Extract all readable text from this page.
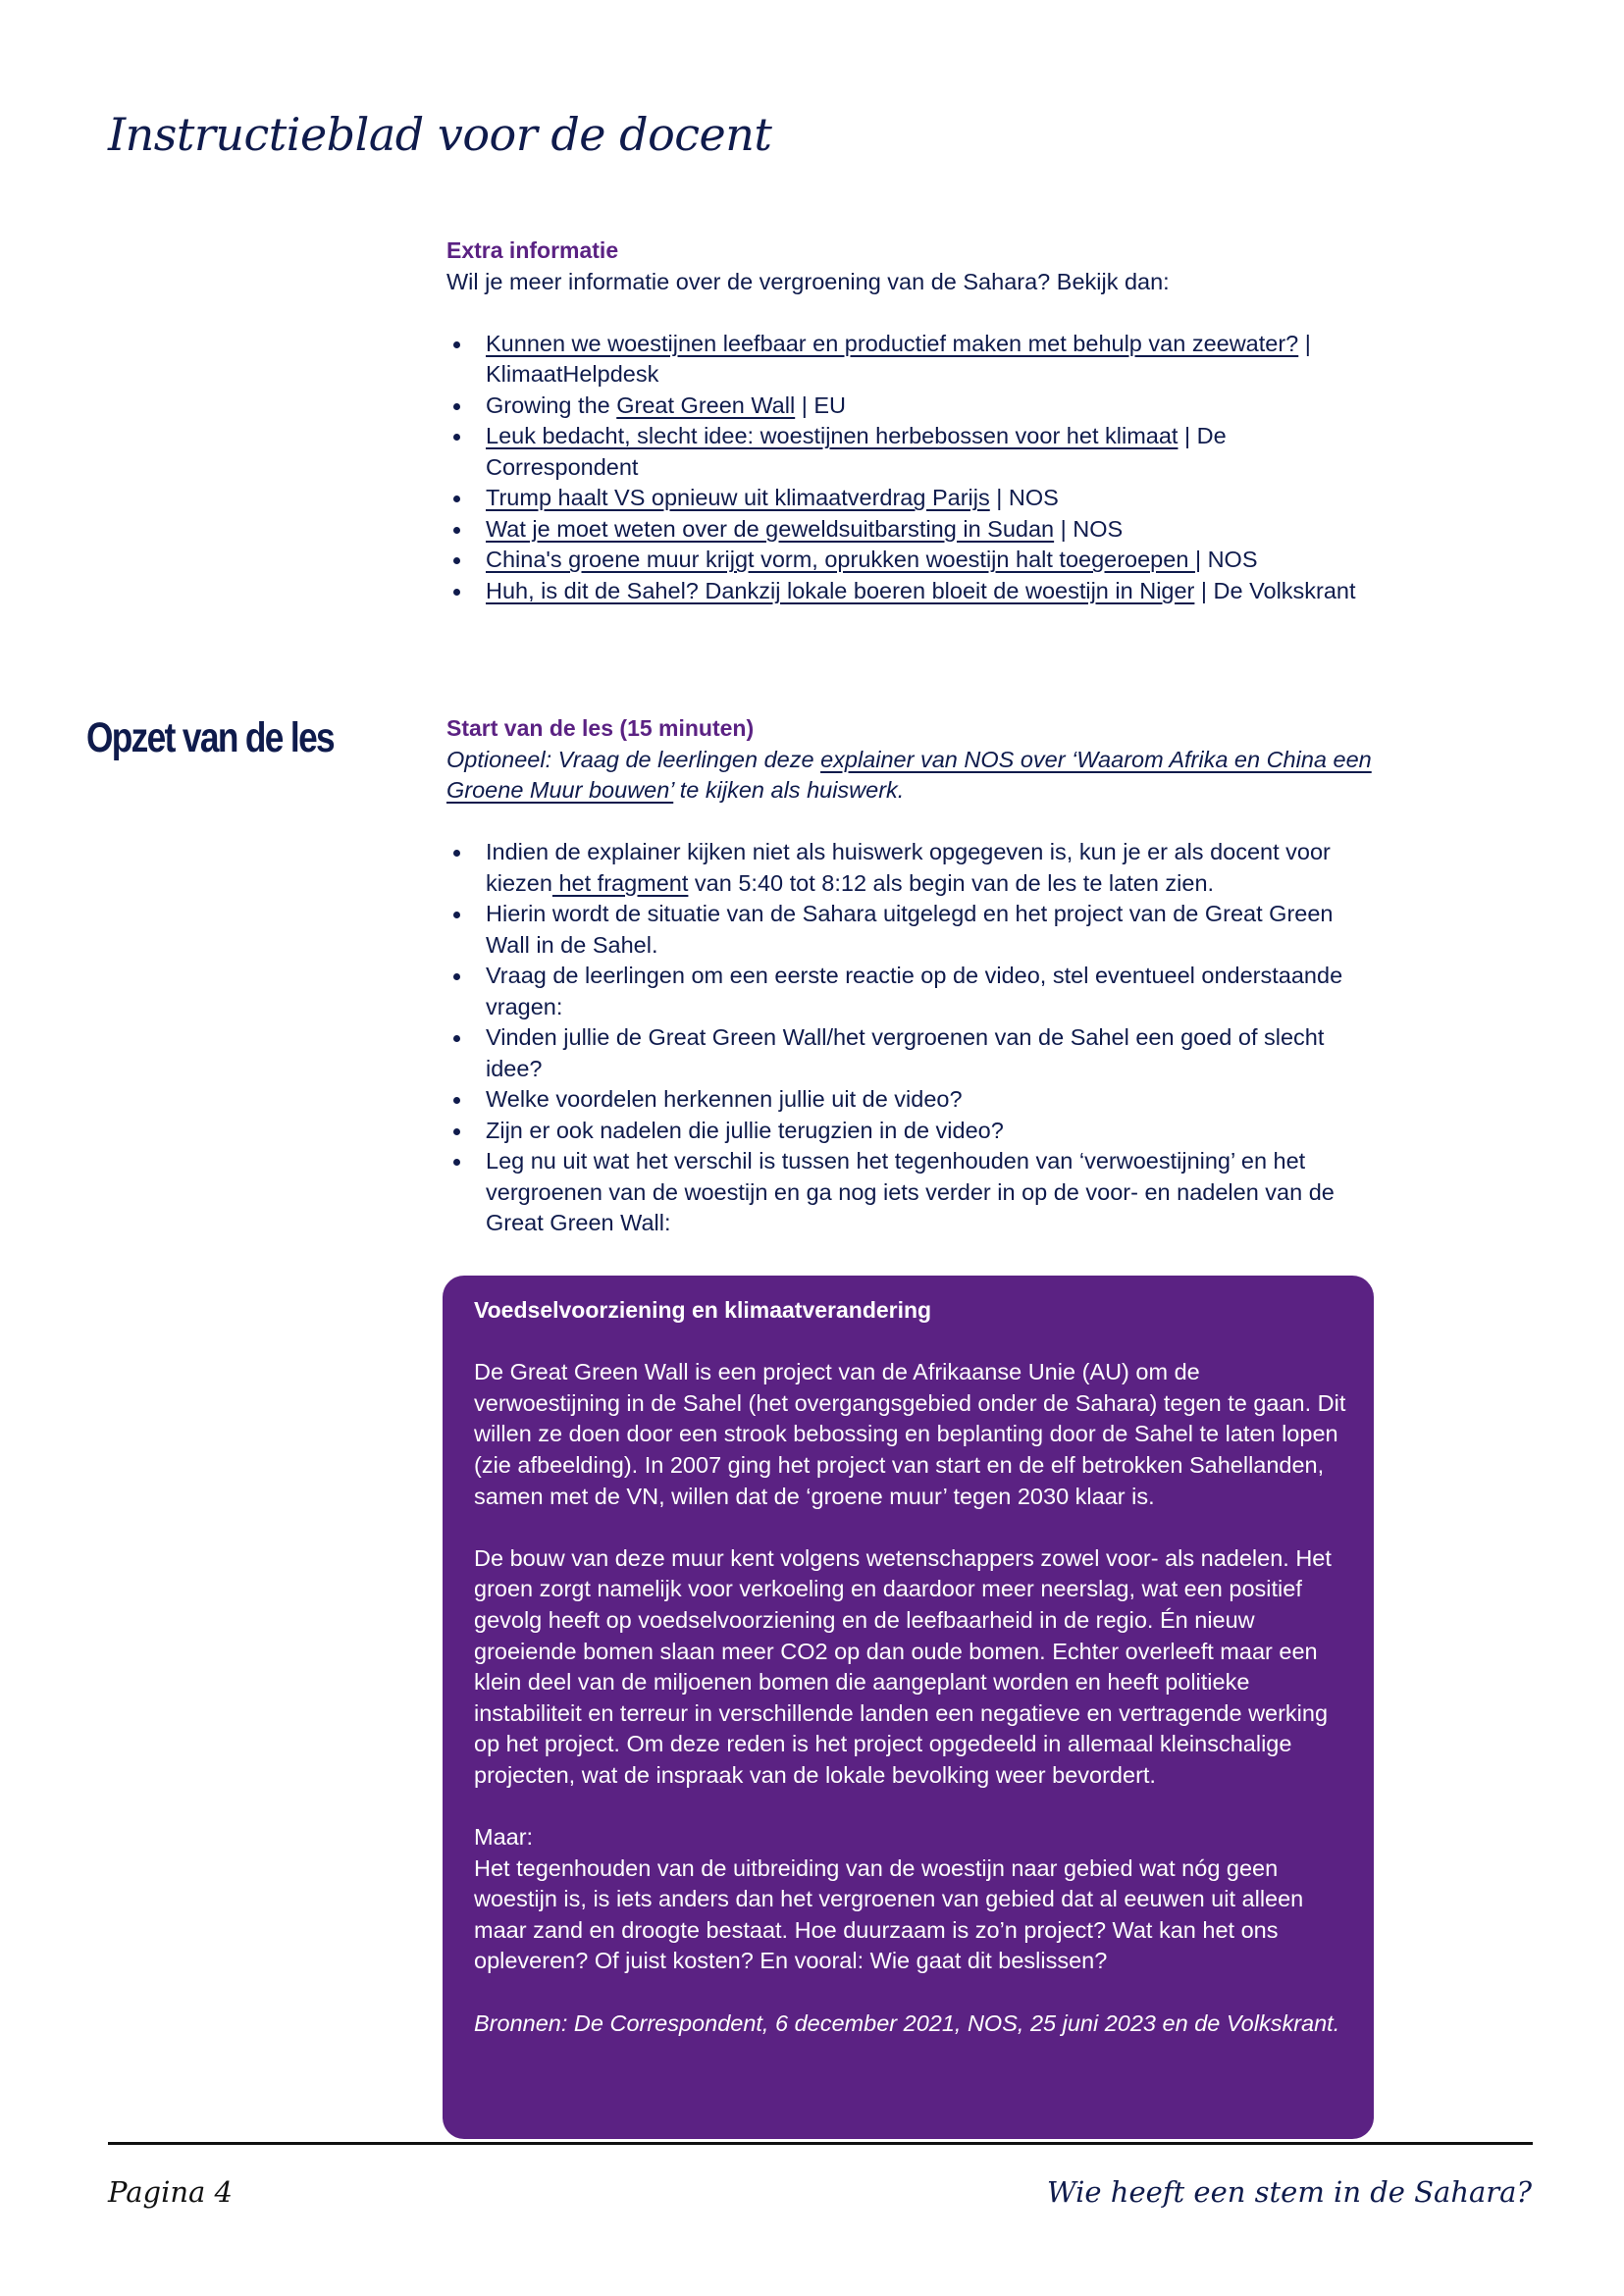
Instructieblad voor de docent
Extra informatie

Wil je meer informatie over de vergroening van de Sahara? Bekijk dan:

Kunnen we woestijnen leefbaar en productief maken met behulp van zeewater? | KlimaatHelpdesk
Growing the Great Green Wall | EU
Leuk bedacht, slecht idee: woestijnen herbebossen voor het klimaat | De Correspondent
Trump haalt VS opnieuw uit klimaatverdrag Parijs | NOS
Wat je moet weten over de geweldsuitbarsting in Sudan | NOS
China's groene muur krijgt vorm, oprukken woestijn halt toegeroepen | NOS
Huh, is dit de Sahel? Dankzij lokale boeren bloeit de woestijn in Niger | De Volkskrant
Opzet van de les	Start van de les (15 minuten)

Optioneel: Vraag de leerlingen deze explainer van NOS over ‘Waarom Afrika en China een Groene Muur bouwen’ te kijken als huiswerk.

Indien de explainer kijken niet als huiswerk opgegeven is, kun je er als docent voor kiezen het fragment van 5:40 tot 8:12 als begin van de les te laten zien.
Hierin wordt de situatie van de Sahara uitgelegd en het project van de Great Green Wall in de Sahel.
Vraag de leerlingen om een eerste reactie op de video, stel eventueel onderstaande vragen:
Vinden jullie de Great Green Wall/het vergroenen van de Sahel een goed of slecht idee?
Welke voordelen herkennen jullie uit de video?
Zijn er ook nadelen die jullie terugzien in de video?
Leg nu uit wat het verschil is tussen het tegenhouden van ‘verwoestijning’ en het vergroenen van de woestijn en ga nog iets verder in op de voor- en nadelen van de Great Green Wall:
Voedselvoorziening en klimaatverandering

De Great Green Wall is een project van de Afrikaanse Unie (AU) om de verwoestijning in de Sahel (het overgangsgebied onder de Sahara) tegen te gaan. Dit willen ze doen door een strook bebossing en beplanting door de Sahel te laten lopen (zie afbeelding). In 2007 ging het project van start en de elf betrokken Sahellanden, samen met de VN, willen dat de ‘groene muur’ tegen 2030 klaar is.

De bouw van deze muur kent volgens wetenschappers zowel voor- als nadelen. Het groen zorgt namelijk voor verkoeling en daardoor meer neerslag, wat een positief gevolg heeft op voedselvoorziening en de leefbaarheid in de regio. Én nieuw groeiende bomen slaan meer CO2 op dan oude bomen. Echter overleeft maar een klein deel van de miljoenen bomen die aangeplant worden en heeft politieke instabiliteit en terreur in verschillende landen een negatieve en vertragende werking op het project. Om deze reden is het project opgedeeld in allemaal kleinschalige projecten, wat de inspraak van de lokale bevolking weer bevordert.

Maar:

Het tegenhouden van de uitbreiding van de woestijn naar gebied wat nóg geen woestijn is, is iets anders dan het vergroenen van gebied dat al eeuwen uit alleen maar zand en droogte bestaat. Hoe duurzaam is zo’n project? Wat kan het ons opleveren? Of juist kosten? En vooral: Wie gaat dit beslissen?

Bronnen: De Correspondent, 6 december 2021, NOS, 25 juni 2023 en de Volkskrant.

Pagina 4	Wie heeft een stem in de Sahara?
